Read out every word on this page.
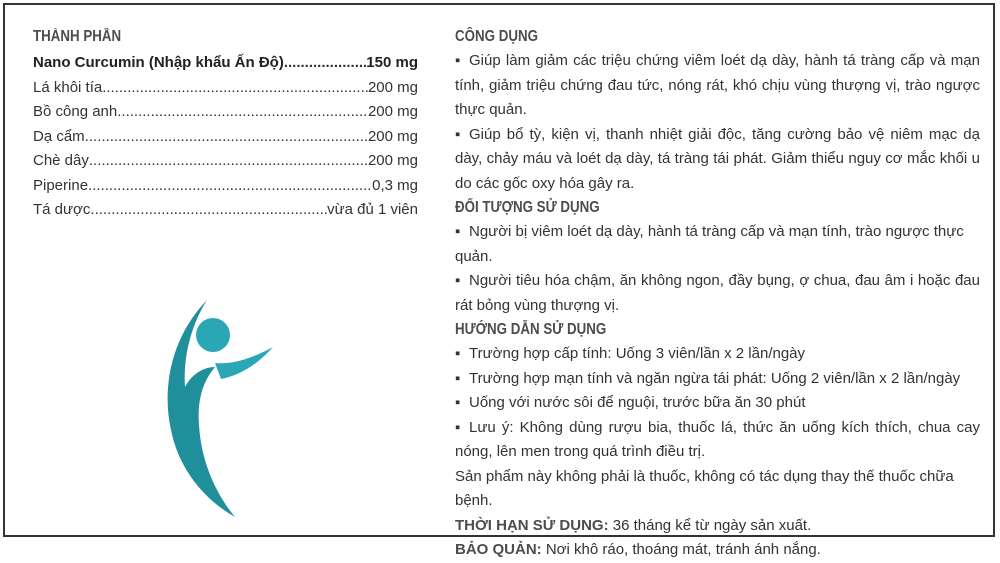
THÀNH PHẦN
Nano Curcumin (Nhập khẩu Ấn Độ) .....	150 mg
Lá khôi tía .....	200 mg
Bồ công anh .....	200 mg
Dạ cẩm .....	200 mg
Chè dây .....	200 mg
Piperine .....	0,3 mg
Tá dược .....	vừa đủ 1 viên
CÔNG DỤNG
▪ Giúp làm giảm các triệu chứng viêm loét dạ dày, hành tá tràng cấp và mạn tính, giảm triệu chứng đau tức, nóng rát, khó chịu vùng thượng vị, trào ngược thực quản.
▪ Giúp bổ tỳ, kiện vị, thanh nhiệt giải độc, tăng cường bảo vệ niêm mạc dạ dày, chảy máu và loét dạ dày, tá tràng tái phát. Giảm thiểu nguy cơ mắc khối u do các gốc oxy hóa gây ra.
ĐỐI TƯỢNG SỬ DỤNG
▪ Người bị viêm loét dạ dày, hành tá tràng cấp và mạn tính, trào ngược thực quản.
▪ Người tiêu hóa chậm, ăn không ngon, đầy bụng, ợ chua, đau âm i hoặc đau rát bỏng vùng thượng vị.
HƯỚNG DẪN SỬ DỤNG
▪ Trường hợp cấp tính: Uống 3 viên/lần x 2 lần/ngày
▪ Trường hợp mạn tính và ngăn ngừa tái phát: Uống 2 viên/lần x 2 lần/ngày
▪ Uống với nước sôi để nguội, trước bữa ăn 30 phút
▪ Lưu ý: Không dùng rượu bia, thuốc lá, thức ăn uống kích thích, chua cay nóng, lên men trong quá trình điều trị.
Sản phẩm này không phải là thuốc, không có tác dụng thay thế thuốc chữa bệnh.
THỜI HẠN SỬ DỤNG: 36 tháng kể từ ngày sản xuất.
BẢO QUẢN: Nơi khô ráo, thoáng mát, tránh ánh nắng.
